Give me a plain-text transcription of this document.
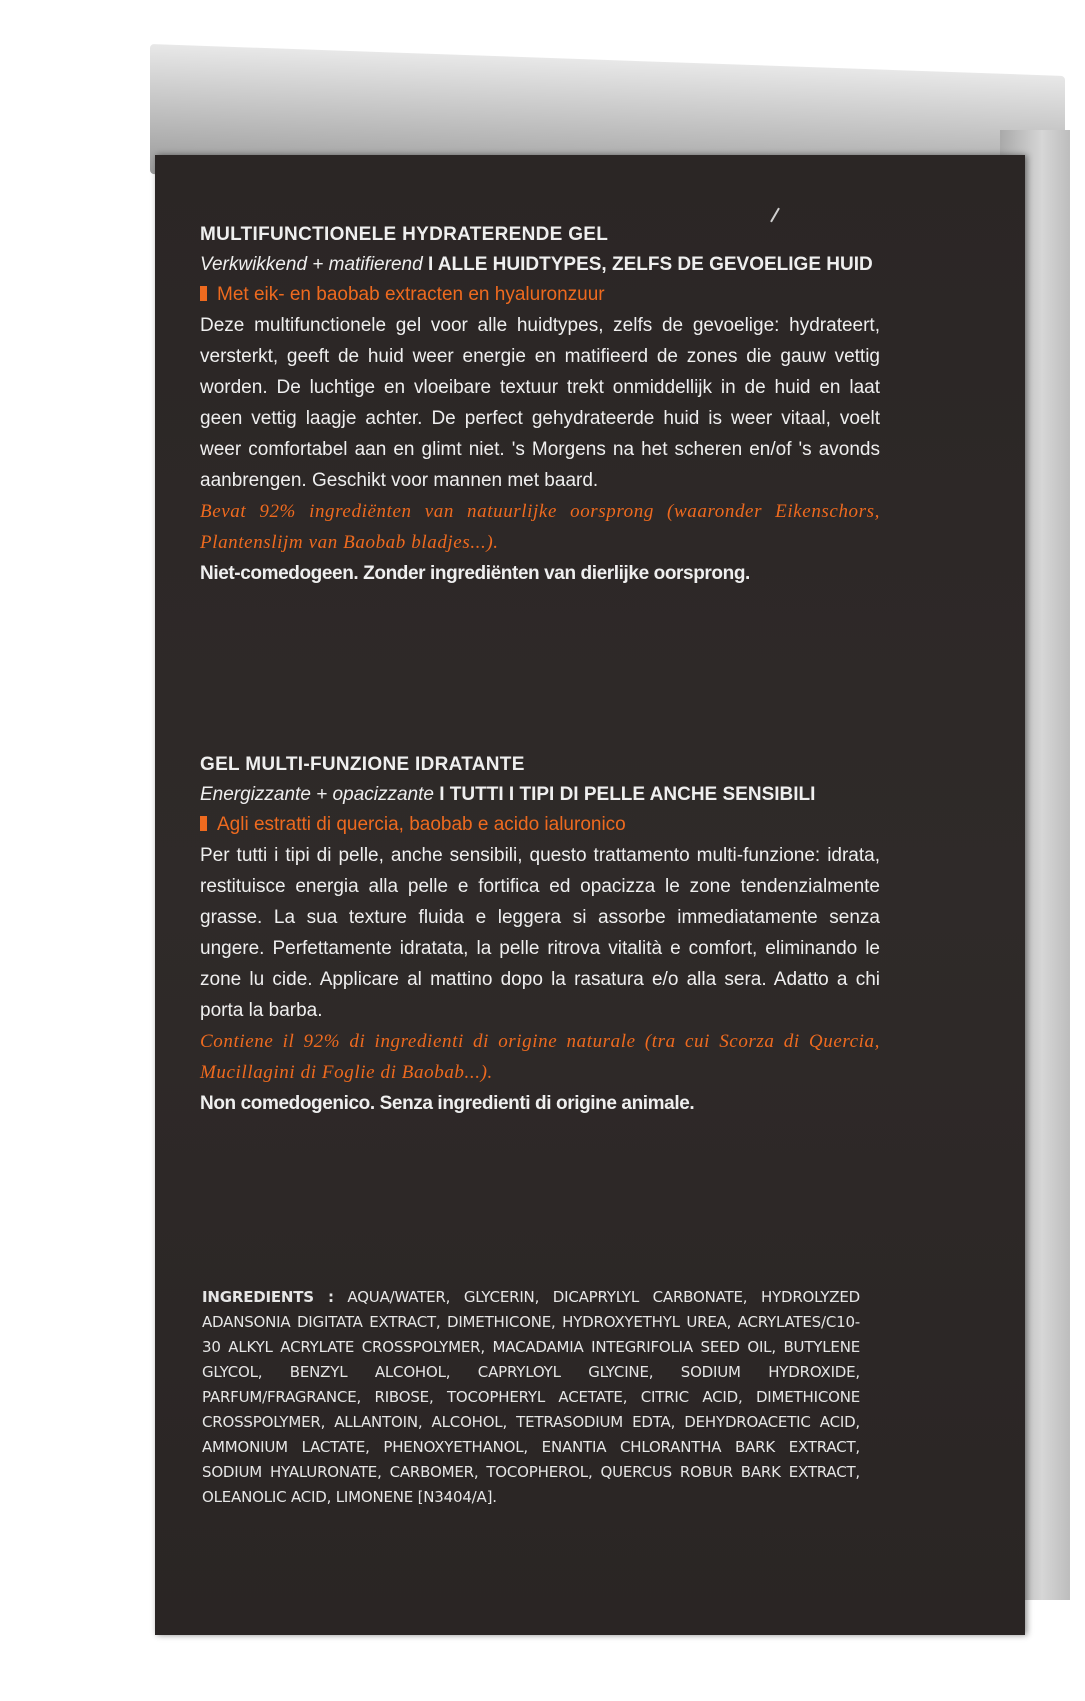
MULTIFUNCTIONELE HYDRATERENDE GEL
Verkwikkend + matifierend I ALLE HUIDTYPES, ZELFS DE GEVOELIGE HUID
Met eik- en baobab extracten en hyaluronzuur
Deze multifunctionele gel voor alle huidtypes, zelfs de gevoelige: hydrateert, versterkt, geeft de huid weer energie en matifieerd de zones die gauw vettig worden. De luchtige en vloeibare textuur trekt onmiddellijk in de huid en laat geen vettig laagje achter. De perfect gehydrateerde huid is weer vitaal, voelt weer comfortabel aan en glimt niet. 's Morgens na het scheren en/of 's avonds aanbrengen. Geschikt voor mannen met baard.
Bevat 92% ingrediënten van natuurlijke oorsprong (waaronder Eikenschors, Plantenslijm van Baobab bladjes...).
Niet-comedogeen. Zonder ingrediënten van dierlijke oorsprong.
GEL MULTI-FUNZIONE IDRATANTE
Energizzante + opacizzante I TUTTI I TIPI DI PELLE ANCHE SENSIBILI
Agli estratti di quercia, baobab e acido ialuronico
Per tutti i tipi di pelle, anche sensibili, questo trattamento multi-funzione: idrata, restituisce energia alla pelle e fortifica ed opacizza le zone tendenzialmente grasse. La sua texture fluida e leggera si assorbe immediatamente senza ungere. Perfettamente idratata, la pelle ritrova vitalità e comfort, eliminando le zone lu cide. Applicare al mattino dopo la rasatura e/o alla sera. Adatto a chi porta la barba.
Contiene il 92% di ingredienti di origine naturale (tra cui Scorza di Quercia, Mucillagini di Foglie di Baobab...).
Non comedogenico. Senza ingredienti di origine animale.
INGREDIENTS : AQUA/WATER, GLYCERIN, DICAPRYLYL CARBONATE, HYDROLYZED ADANSONIA DIGITATA EXTRACT, DIMETHICONE, HYDROXYETHYL UREA, ACRYLATES/C10-30 ALKYL ACRYLATE CROSSPOLYMER, MACADAMIA INTEGRIFOLIA SEED OIL, BUTYLENE GLYCOL, BENZYL ALCOHOL, CAPRYLOYL GLYCINE, SODIUM HYDROXIDE, PARFUM/FRAGRANCE, RIBOSE, TOCOPHERYL ACETATE, CITRIC ACID, DIMETHICONE CROSSPOLYMER, ALLANTOIN, ALCOHOL, TETRASODIUM EDTA, DEHYDROACETIC ACID, AMMONIUM LACTATE, PHENOXYETHANOL, ENANTIA CHLORANTHA BARK EXTRACT, SODIUM HYALURONATE, CARBOMER, TOCOPHEROL, QUERCUS ROBUR BARK EXTRACT, OLEANOLIC ACID, LIMONENE [N3404/A].
